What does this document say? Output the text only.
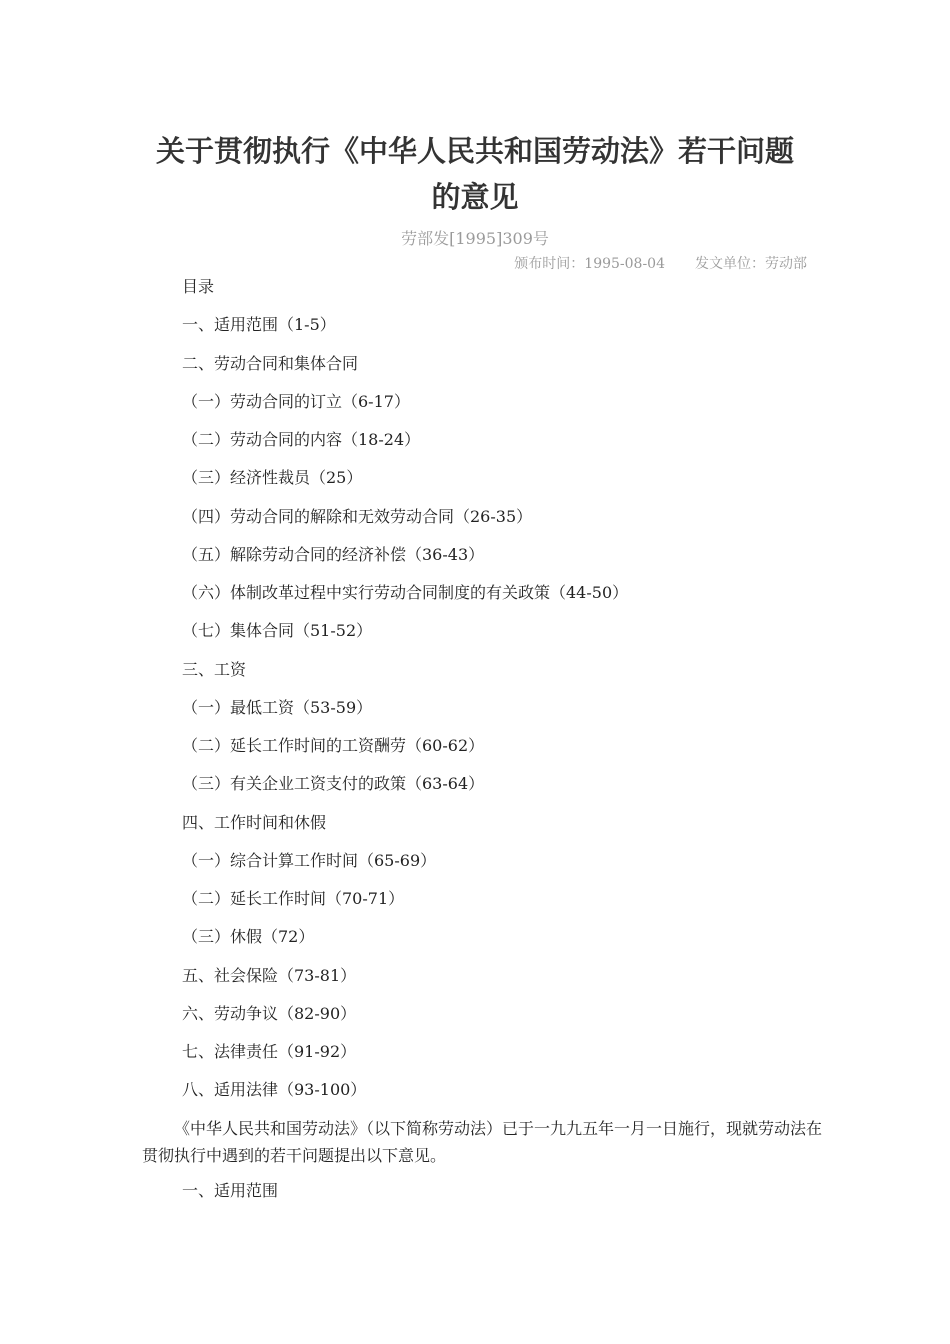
关于贯彻执行《中华人民共和国劳动法》若干问题
的意见
劳部发[1995]309号
颁布时间：1995-08-04 发文单位：劳动部
目录
一、适用范围（1-5）
二、劳动合同和集体合同
（一）劳动合同的订立（6-17）
（二）劳动合同的内容（18-24）
（三）经济性裁员（25）
（四）劳动合同的解除和无效劳动合同（26-35）
（五）解除劳动合同的经济补偿（36-43）
（六）体制改革过程中实行劳动合同制度的有关政策（44-50）
（七）集体合同（51-52）
三、工资
（一）最低工资（53-59）
（二）延长工作时间的工资酬劳（60-62）
（三）有关企业工资支付的政策（63-64）
四、工作时间和休假
（一）综合计算工作时间（65-69）
（二）延长工作时间（70-71）
（三）休假（72）
五、社会保险（73-81）
六、劳动争议（82-90）
七、法律责任（91-92）
八、适用法律（93-100）

《中华人民共和国劳动法》（以下简称劳动法）已于一九九五年一月一日施行，现就劳动法在贯彻执行中遇到的若干问题提出以下意见。

一、适用范围
